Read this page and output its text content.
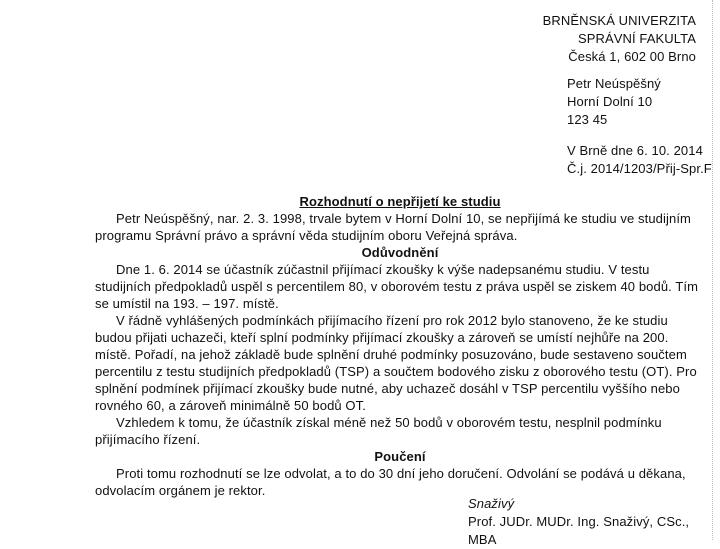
BRNĚNSKÁ UNIVERZITA
SPRÁVNÍ FAKULTA
Česká 1, 602 00 Brno
Petr Neúspěšný
Horní Dolní 10
123 45
V Brně dne 6. 10. 2014
Č.j. 2014/1203/Přij-Spr.F

Rozhodnutí o nepřijetí ke studiu

Petr Neúspěšný, nar. 2. 3. 1998, trvale bytem v Horní Dolní 10, se nepřijímá ke studiu ve studijním programu Správní právo a správní věda studijním oboru Veřejná správa.

Odůvodnění

Dne 1. 6. 2014 se účastník zúčastnil přijímací zkoušky k výše nadepsanému studiu. V testu studijních předpokladů uspěl s percentilem 80, v oborovém testu z práva uspěl se ziskem 40 bodů. Tím se umístil na 193. – 197. místě.

V řádně vyhlášených podmínkách přijímacího řízení pro rok 2012 bylo stanoveno, že ke studiu budou přijati uchazeči, kteří splní podmínky přijímací zkoušky a zároveň se umístí nejhůře na 200. místě. Pořadí, na jehož základě bude splnění druhé podmínky posuzováno, bude sestaveno součtem percentilu z testu studijních předpokladů (TSP) a součtem bodového zisku z oborového testu (OT). Pro splnění podmínek přijímací zkoušky bude nutné, aby uchazeč dosáhl v TSP percentilu vyššího nebo rovného 60, a zároveň minimálně 50 bodů OT.

Vzhledem k tomu, že účastník získal méně než 50 bodů v oborovém testu, nesplnil podmínku přijímacího řízení.

Poučení

Proti tomu rozhodnutí se lze odvolat, a to do 30 dní jeho doručení. Odvolání se podává u děkana, odvolacím orgánem je rektor.

Snaživý
Prof. JUDr. MUDr. Ing. Snaživý, CSc., MBA
